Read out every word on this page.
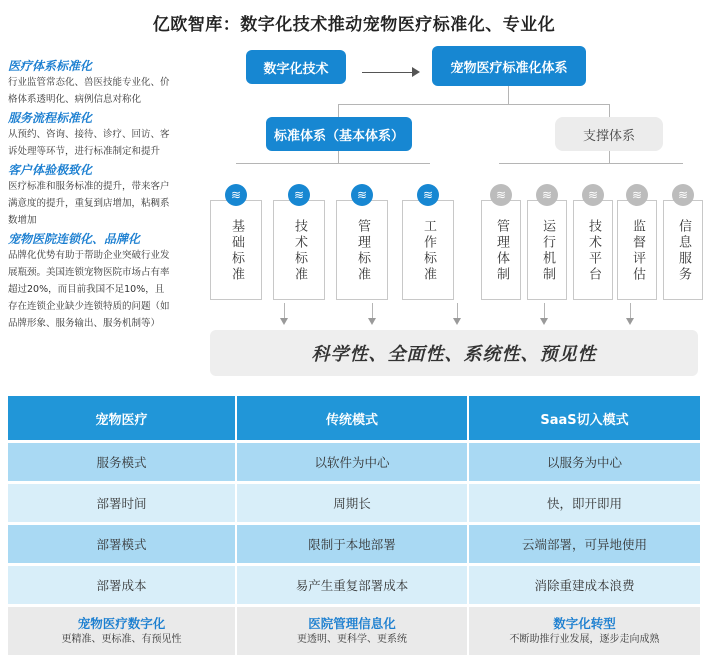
亿欧智库：数字化技术推动宠物医疗标准化、专业化
医疗体系标准化
行业监管常态化、兽医技能专业化、价
格体系透明化、病例信息对称化
服务流程标准化
从预约、咨询、接待、诊疗、回访、客
诉处理等环节，进行标准制定和提升
客户体验极致化
医疗标准和服务标准的提升，带来客户
满意度的提升，重复到店增加，粘稠系
数增加
宠物医院连锁化、品牌化
品牌化优势有助于帮助企业突破行业发
展瓶颈。美国连锁宠物医院市场占有率
超过20%，而目前我国不足10%，且
存在连锁企业缺少连锁特质的问题（如
品牌形象、服务输出、服务机制等）
数字化技术	宠物医疗标准化体系
标准体系（基本体系）	支撑体系
基础标准	技术标准	管理标准	工作标准	管理体制 运行机制 技术平台 监督评估 信息服务
≋	≋	≋	≋	≋	≋	≋	≋	≋
科学性、全面性、系统性、预见性
宠物医疗	传统模式	SaaS切入模式
服务模式	以软件为中心	以服务为中心
部署时间	周期长	快，即开即用
部署模式	限制于本地部署	云端部署，可异地使用
部署成本	易产生重复部署成本	消除重建成本浪费
宠物医疗数字化
更精准、更标准、有预见性
医院管理信息化
更透明、更科学、更系统
数字化转型
不断助推行业发展，逐步走向成熟
